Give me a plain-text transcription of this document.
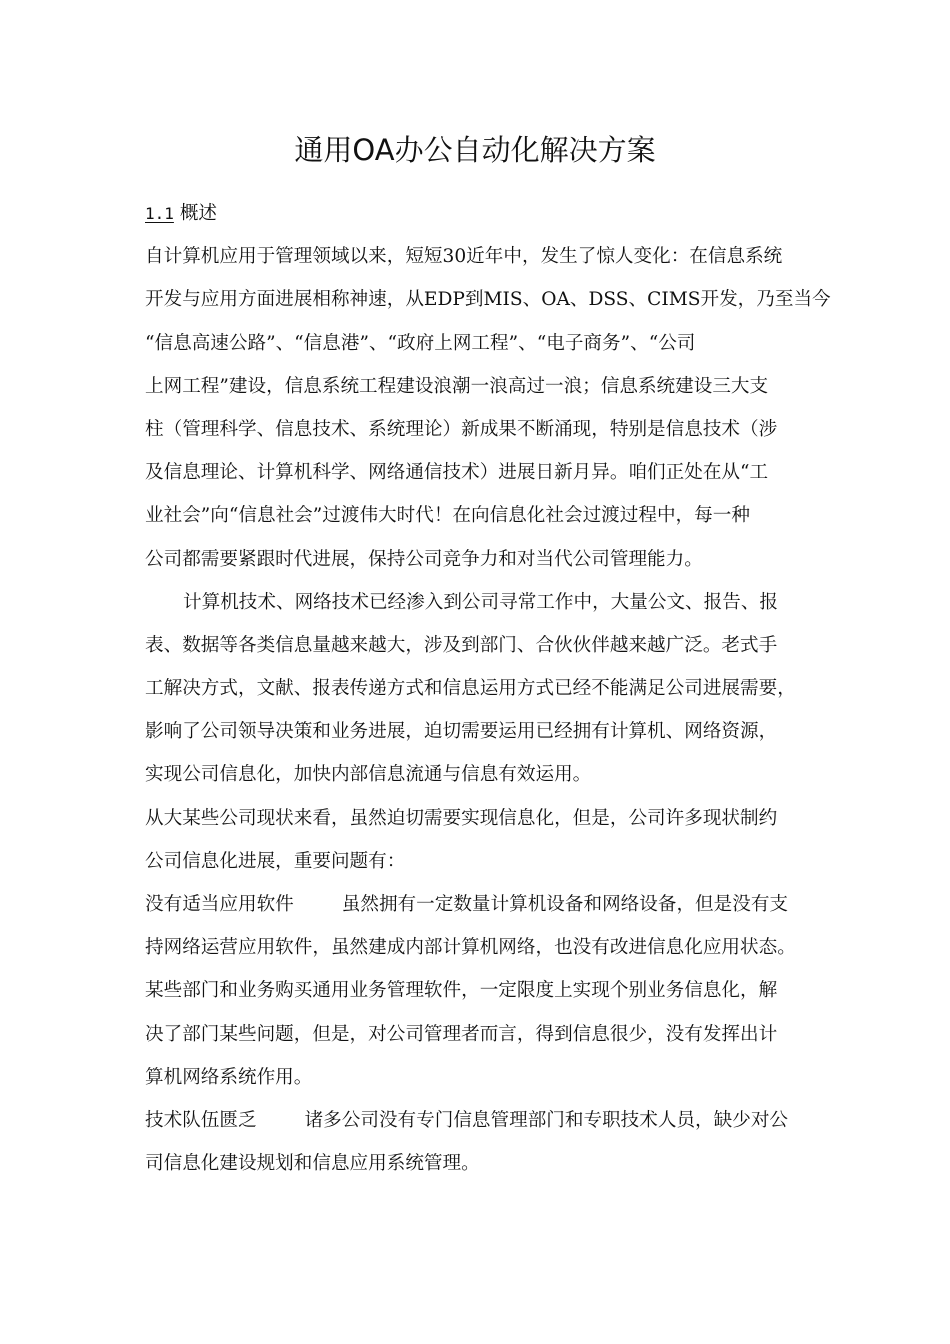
通用OA办公自动化解决方案
1.1 概述
自计算机应用于管理领域以来，短短30近年中，发生了惊人变化：在信息系统
开发与应用方面进展相称神速，从EDP到MIS、OA、DSS、CIMS开发，乃至当今
“信息高速公路”、“信息港”、“政府上网工程”、“电子商务”、“公司
上网工程”建设，信息系统工程建设浪潮一浪高过一浪；信息系统建设三大支
柱（管理科学、信息技术、系统理论）新成果不断涌现，特别是信息技术（涉
及信息理论、计算机科学、网络通信技术）进展日新月异。咱们正处在从“工
业社会”向“信息社会”过渡伟大时代！在向信息化社会过渡过程中，每一种
公司都需要紧跟时代进展，保持公司竞争力和对当代公司管理能力。
计算机技术、网络技术已经渗入到公司寻常工作中，大量公文、报告、报
表、数据等各类信息量越来越大，涉及到部门、合伙伙伴越来越广泛。老式手
工解决方式，文献、报表传递方式和信息运用方式已经不能满足公司进展需要，
影响了公司领导决策和业务进展，迫切需要运用已经拥有计算机、网络资源，
实现公司信息化，加快内部信息流通与信息有效运用。
从大某些公司现状来看，虽然迫切需要实现信息化，但是，公司许多现状制约
公司信息化进展，重要问题有：
没有适当应用软件	虽然拥有一定数量计算机设备和网络设备，但是没有支
持网络运营应用软件，虽然建成内部计算机网络，也没有改进信息化应用状态。
某些部门和业务购买通用业务管理软件，一定限度上实现个别业务信息化，解
决了部门某些问题，但是，对公司管理者而言，得到信息很少，没有发挥出计
算机网络系统作用。
技术队伍匮乏	诸多公司没有专门信息管理部门和专职技术人员，缺少对公
司信息化建设规划和信息应用系统管理。
